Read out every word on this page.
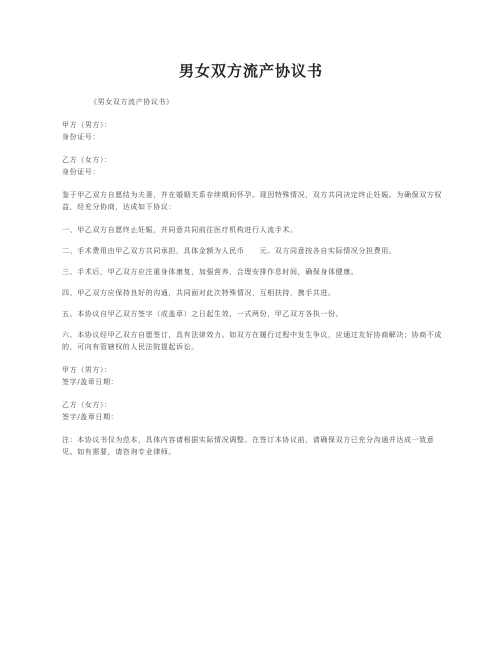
男女双方流产协议书

《男女双方流产协议书》

甲方（男方）：

身份证号：

乙方（女方）：

身份证号：

鉴于甲乙双方自愿结为夫妻，并在婚姻关系存续期间怀孕。现因特殊情况，双方共同决定终止妊娠。为确保双方权益，经充分协商，达成如下协议：

一、甲乙双方自愿终止妊娠，并同意共同前往医疗机构进行人流手术。

二、手术费用由甲乙双方共同承担，具体金额为人民币　　元。双方同意按各自实际情况分担费用。

三、手术后，甲乙双方应注重身体康复，加强营养，合理安排作息时间，确保身体健康。

四、甲乙双方应保持良好的沟通，共同面对此次特殊情况，互相扶持，携手共进。

五、本协议自甲乙双方签字（或盖章）之日起生效，一式两份，甲乙双方各执一份。

六、本协议经甲乙双方自愿签订，具有法律效力。如双方在履行过程中发生争议，应通过友好协商解决；协商不成的，可向有管辖权的人民法院提起诉讼。

甲方（男方）：

签字/盖章日期：

乙方（女方）：

签字/盖章日期：

注：本协议书仅为范本，具体内容请根据实际情况调整。在签订本协议前，请确保双方已充分沟通并达成一致意见。如有需要，请咨询专业律师。
